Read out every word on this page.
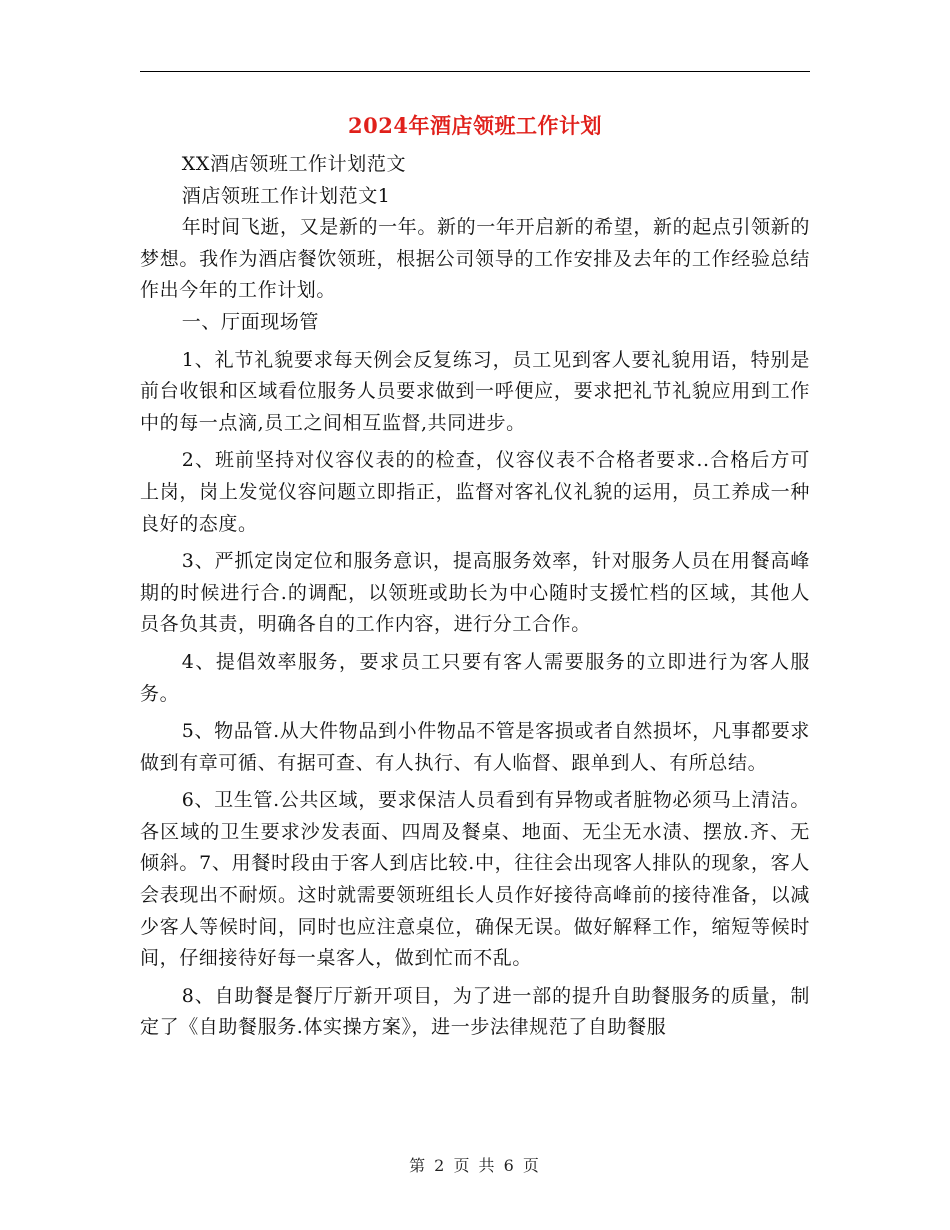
2024年酒店领班工作计划

XX酒店领班工作计划范文

酒店领班工作计划范文1

年时间飞逝，又是新的一年。新的一年开启新的希望，新的起点引领新的梦想。我作为酒店餐饮领班，根据公司领导的工作安排及去年的工作经验总结作出今年的工作计划。

一、厅面现场管

1、礼节礼貌要求每天例会反复练习，员工见到客人要礼貌用语，特别是前台收银和区域看位服务人员要求做到一呼便应，要求把礼节礼貌应用到工作中的每一点滴,员工之间相互监督,共同进步。

2、班前坚持对仪容仪表的的检查，仪容仪表不合格者要求..合格后方可上岗，岗上发觉仪容问题立即指正，监督对客礼仪礼貌的运用，员工养成一种良好的态度。

3、严抓定岗定位和服务意识，提高服务效率，针对服务人员在用餐高峰期的时候进行合.的调配，以领班或助长为中心随时支援忙档的区域，其他人员各负其责，明确各自的工作内容，进行分工合作。

4、提倡效率服务，要求员工只要有客人需要服务的立即进行为客人服务。

5、物品管.从大件物品到小件物品不管是客损或者自然损坏，凡事都要求做到有章可循、有据可查、有人执行、有人临督、跟单到人、有所总结。

6、卫生管.公共区域，要求保洁人员看到有异物或者脏物必须马上清洁。各区域的卫生要求沙发表面、四周及餐桌、地面、无尘无水渍、摆放.齐、无倾斜。7、用餐时段由于客人到店比较.中，往往会出现客人排队的现象，客人会表现出不耐烦。这时就需要领班组长人员作好接待高峰前的接待准备，以减少客人等候时间，同时也应注意桌位，确保无误。做好解释工作，缩短等候时间，仔细接待好每一桌客人，做到忙而不乱。

8、自助餐是餐厅厅新开项目，为了进一部的提升自助餐服务的质量，制定了《自助餐服务.体实操方案》，进一步法律规范了自助餐服

第 2 页 共 6 页
